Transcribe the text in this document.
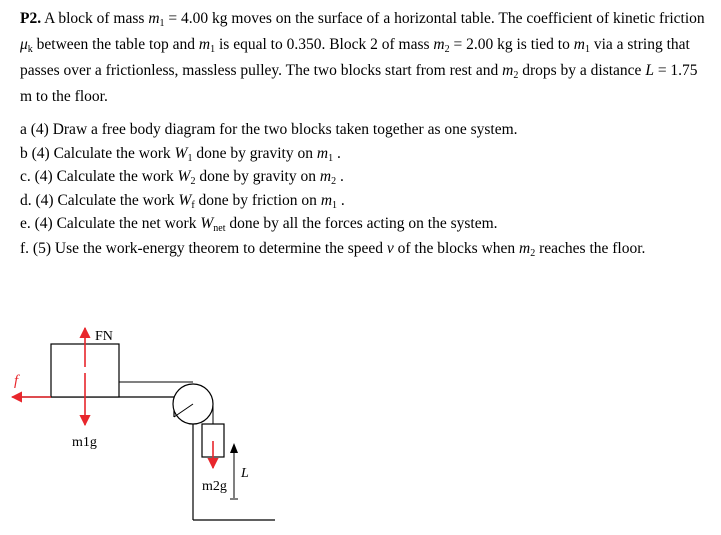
P2. A block of mass $m_1 = 4.00$ kg moves on the surface of a horizontal table. The coefficient of kinetic friction $\mu_k$ between the table top and $m_1$ is equal to 0.350. Block 2 of mass $m_2 = 2.00$ kg is tied to $m_1$ via a string that passes over a frictionless, massless pulley. The two blocks start from rest and $m_2$ drops by a distance L = 1.75 m to the floor.

a (4) Draw a free body diagram for the two blocks taken together as one system.

b (4) Calculate the work $W_1$ done by gravity on $m_1$ .

c. (4) Calculate the work $W_2$ done by gravity on $m_2$ .

d. (4) Calculate the work $W_f$ done by friction on $m_1$ .

e. (4) Calculate the net work $W_{net}$ done by all the forces acting on the system.

f. (5) Use the work-energy theorem to determine the speed v of the blocks when $m_2$ reaches the floor.

FN
f
m1g
L
m2g
